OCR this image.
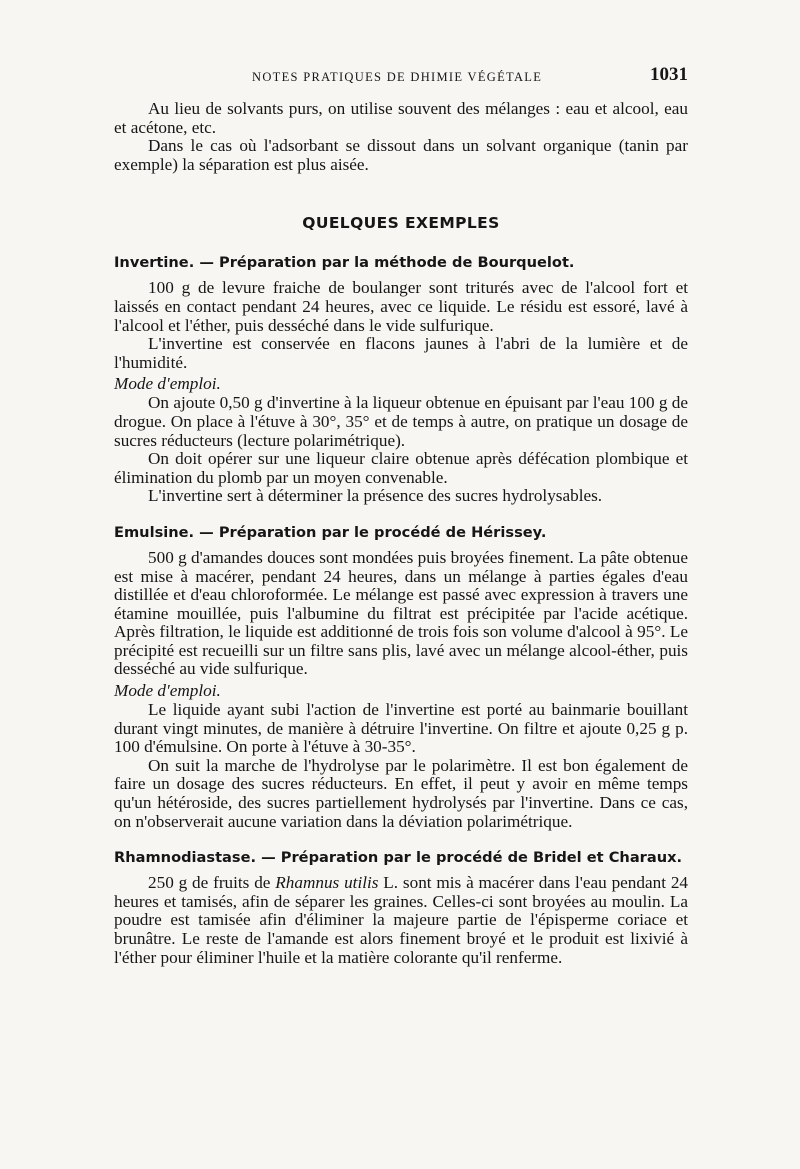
NOTES PRATIQUES DE DHIMIE VÉGÉTALE	1031

Au lieu de solvants purs, on utilise souvent des mélanges : eau et alcool, eau et acétone, etc.

Dans le cas où l'adsorbant se dissout dans un solvant organique (tanin par exemple) la séparation est plus aisée.

QUELQUES EXEMPLES
Invertine. — Préparation par la méthode de Bourquelot.

100 g de levure fraiche de boulanger sont triturés avec de l'alcool fort et laissés en contact pendant 24 heures, avec ce liquide. Le résidu est essoré, lavé à l'alcool et l'éther, puis desséché dans le vide sulfurique.

L'invertine est conservée en flacons jaunes à l'abri de la lumière et de l'humidité.

Mode d'emploi.

On ajoute 0,50 g d'invertine à la liqueur obtenue en épuisant par l'eau 100 g de drogue. On place à l'étuve à 30°, 35° et de temps à autre, on pratique un dosage de sucres réducteurs (lecture polarimétrique).

On doit opérer sur une liqueur claire obtenue après défécation plombique et élimination du plomb par un moyen convenable.

L'invertine sert à déterminer la présence des sucres hydrolysables.

Emulsine. — Préparation par le procédé de Hérissey.

500 g d'amandes douces sont mondées puis broyées finement. La pâte obtenue est mise à macérer, pendant 24 heures, dans un mélange à parties égales d'eau distillée et d'eau chloroformée. Le mélange est passé avec expression à travers une étamine mouillée, puis l'albumine du filtrat est précipitée par l'acide acétique. Après filtration, le liquide est additionné de trois fois son volume d'alcool à 95°. Le précipité est recueilli sur un filtre sans plis, lavé avec un mélange alcool-éther, puis desséché au vide sulfurique.

Mode d'emploi.

Le liquide ayant subi l'action de l'invertine est porté au bainmarie bouillant durant vingt minutes, de manière à détruire l'invertine. On filtre et ajoute 0,25 g p. 100 d'émulsine. On porte à l'étuve à 30-35°.

On suit la marche de l'hydrolyse par le polarimètre. Il est bon également de faire un dosage des sucres réducteurs. En effet, il peut y avoir en même temps qu'un hétéroside, des sucres partiellement hydrolysés par l'invertine. Dans ce cas, on n'observerait aucune variation dans la déviation polarimétrique.

Rhamnodiastase. — Préparation par le procédé de Bridel et Charaux.

250 g de fruits de Rhamnus utilis L. sont mis à macérer dans l'eau pendant 24 heures et tamisés, afin de séparer les graines. Celles-ci sont broyées au moulin. La poudre est tamisée afin d'éliminer la majeure partie de l'épisperme coriace et brunâtre. Le reste de l'amande est alors finement broyé et le produit est lixivié à l'éther pour éliminer l'huile et la matière colorante qu'il renferme.
